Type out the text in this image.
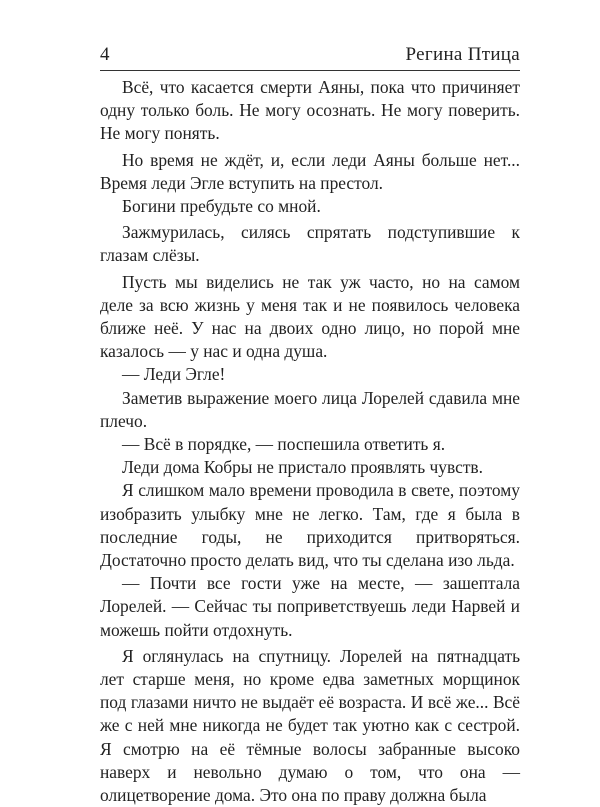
4	Регина Птица

Всё, что касается смерти Аяны, пока что причиняет одну только боль. Не могу осознать. Не могу поверить. Не могу понять.

Но время не ждёт, и, если леди Аяны больше нет... Время леди Эгле вступить на престол.

Богини пребудьте со мной.

Зажмурилась, силясь спрятать подступившие к глазам слёзы.

Пусть мы виделись не так уж часто, но на самом деле за всю жизнь у меня так и не появилось человека ближе неё. У нас на двоих одно лицо, но порой мне казалось — у нас и одна душа.

— Леди Эгле!

Заметив выражение моего лица Лорелей сдавила мне плечо.

— Всё в порядке, — поспешила ответить я.

Леди дома Кобры не пристало проявлять чувств.

Я слишком мало времени проводила в свете, поэтому изобразить улыбку мне не легко. Там, где я была в последние годы, не приходится притворяться. Достаточно просто делать вид, что ты сделана изо льда.

— Почти все гости уже на месте, — зашептала Лорелей. — Сейчас ты поприветствуешь леди Нарвей и можешь пойти отдохнуть.

Я оглянулась на спутницу. Лорелей на пятнадцать лет старше меня, но кроме едва заметных морщинок под глазами ничто не выдаёт её возраста. И всё же... Всё же с ней мне никогда не будет так уютно как с сестрой. Я смотрю на её тёмные волосы забранные высоко наверх и невольно думаю о том, что она — олицетворение дома. Это она по праву должна была
